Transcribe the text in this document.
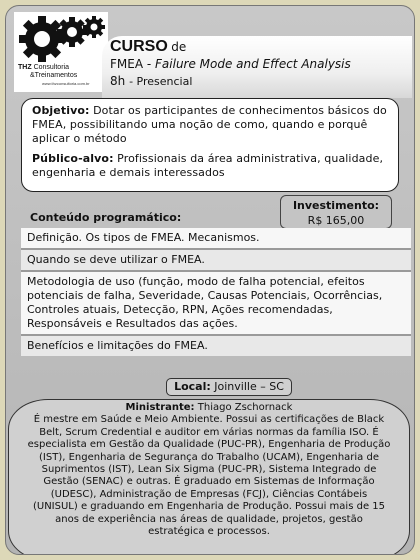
THZ Consultoria
&Treinamentos
www.thzconsultoria.com.br
CURSO de
FMEA - Failure Mode and Effect Analysis
8h - Presencial

Objetivo: Dotar os participantes de conhecimentos básicos do FMEA, possibilitando uma noção de como, quando e porquê aplicar o método

Público-alvo: Profissionais da área administrativa, qualidade, engenharia e demais interessados

Conteúdo programático:
Investimento:
R$ 165,00
Definição. Os tipos de FMEA. Mecanismos.
Quando se deve utilizar o FMEA.
Metodologia de uso (função, modo de falha potencial, efeitos potenciais de falha, Severidade, Causas Potenciais, Ocorrências, Controles atuais, Detecção, RPN, Ações recomendadas, Responsáveis e Resultados das ações.
Benefícios e limitações do FMEA.
Local: Joinville – SC
Ministrante: Thiago Zschornack
É mestre em Saúde e Meio Ambiente. Possui as certificações de Black Belt, Scrum Credential e auditor em várias normas da família ISO. É especialista em Gestão da Qualidade (PUC-PR), Engenharia de Produção (IST), Engenharia de Segurança do Trabalho (UCAM), Engenharia de Suprimentos (IST), Lean Six Sigma (PUC-PR), Sistema Integrado de Gestão (SENAC) e outras. É graduado em Sistemas de Informação (UDESC), Administração de Empresas (FCJ), Ciências Contábeis (UNISUL) e graduando em Engenharia de Produção. Possui mais de 15 anos de experiência nas áreas de qualidade, projetos, gestão estratégica e processos.
